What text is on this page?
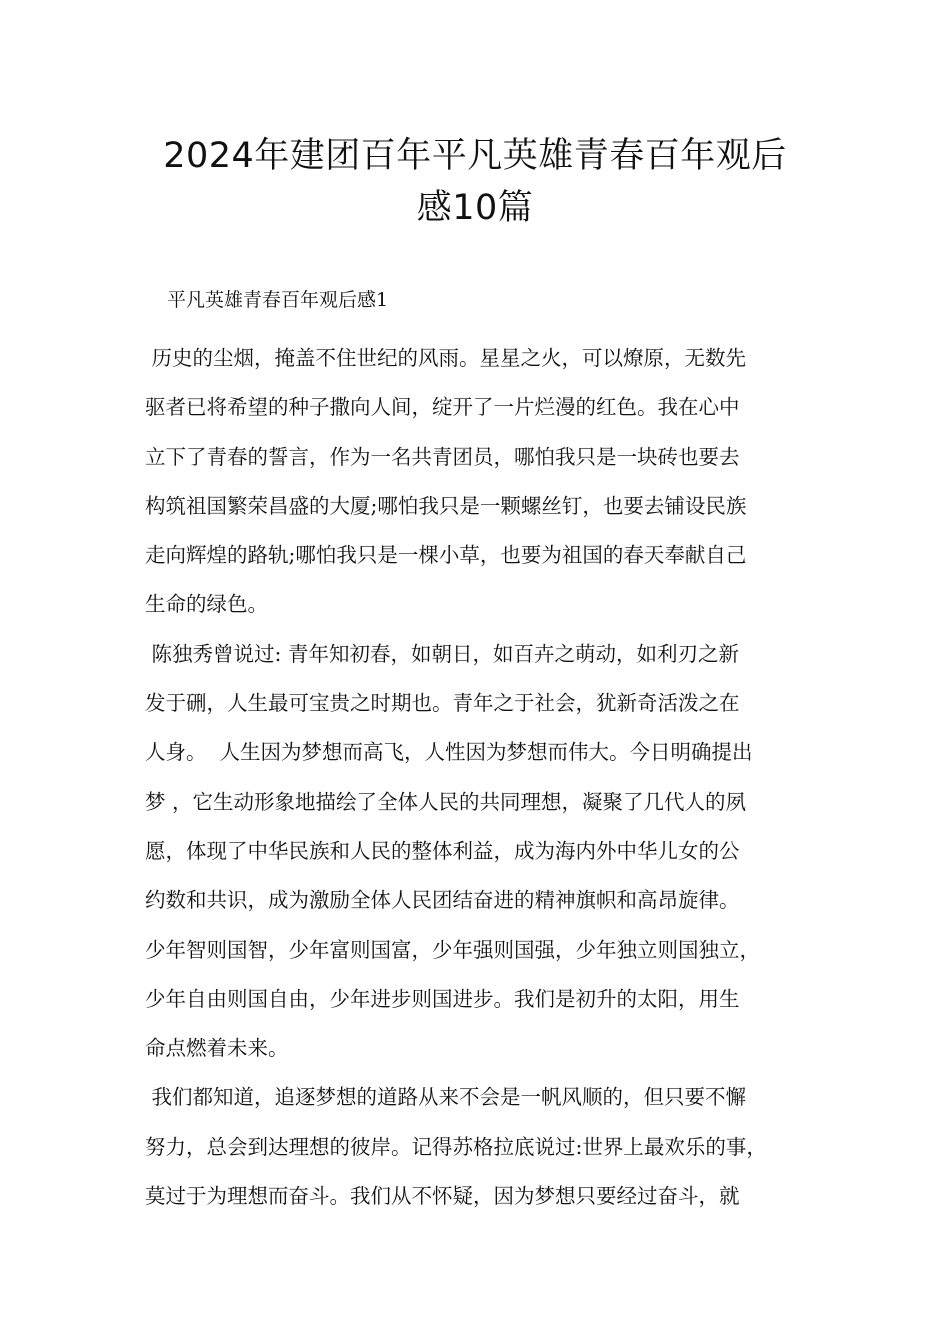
2024年建团百年平凡英雄青春百年观后
感10篇

平凡英雄青春百年观后感1

历史的尘烟，掩盖不住世纪的风雨。星星之火，可以燎原，无数先
驱者已将希望的种子撒向人间，绽开了一片烂漫的红色。我在心中
立下了青春的誓言，作为一名共青团员，哪怕我只是一块砖也要去
构筑祖国繁荣昌盛的大厦;哪怕我只是一颗螺丝钉，也要去铺设民族
走向辉煌的路轨;哪怕我只是一棵小草，也要为祖国的春天奉献自己
生命的绿色。
陈独秀曾说过: 青年知初春，如朝日，如百卉之萌动，如利刃之新
发于硎，人生最可宝贵之时期也。青年之于社会，犹新奇活泼之在
人身。  人生因为梦想而高飞，人性因为梦想而伟大。今日明确提出
梦 ，它生动形象地描绘了全体人民的共同理想，凝聚了几代人的夙
愿，体现了中华民族和人民的整体利益，成为海内外中华儿女的公
约数和共识，成为激励全体人民团结奋进的精神旗帜和高昂旋律。
少年智则国智，少年富则国富，少年强则国强，少年独立则国独立，
少年自由则国自由，少年进步则国进步。我们是初升的太阳，用生
命点燃着未来。
我们都知道，追逐梦想的道路从来不会是一帆风顺的，但只要不懈
努力，总会到达理想的彼岸。记得苏格拉底说过:世界上最欢乐的事，
莫过于为理想而奋斗。我们从不怀疑，因为梦想只要经过奋斗，就
